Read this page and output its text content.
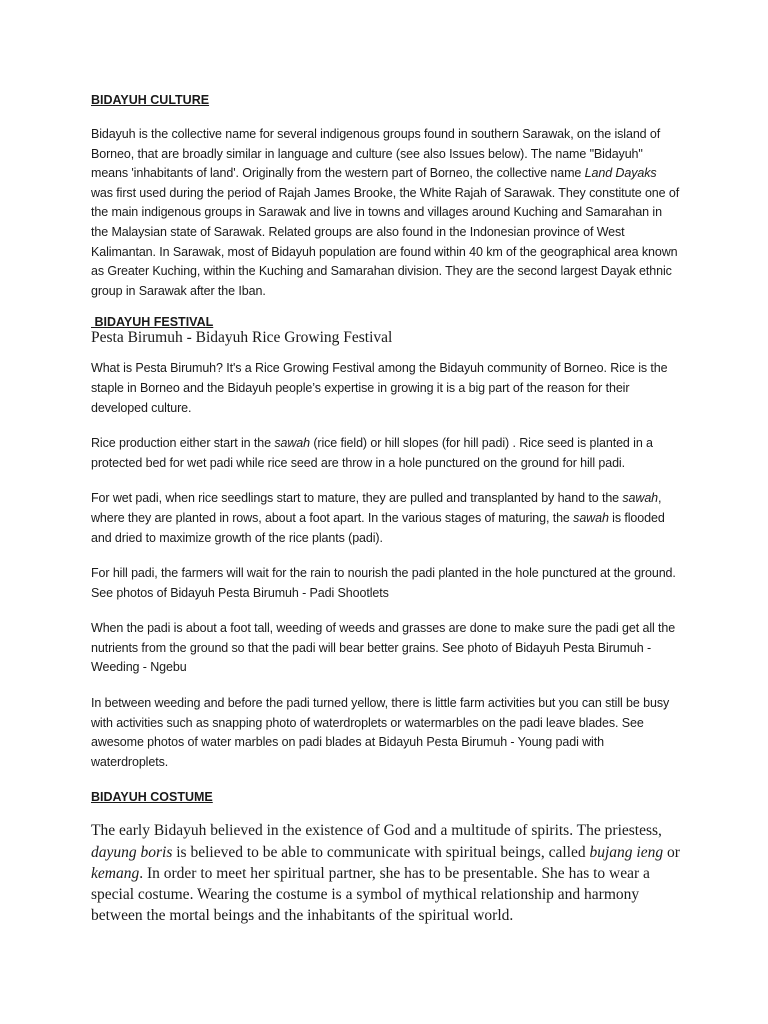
BIDAYUH CULTURE

Bidayuh is the collective name for several indigenous groups found in southern Sarawak, on the island of Borneo, that are broadly similar in language and culture (see also Issues below). The name "Bidayuh" means 'inhabitants of land'. Originally from the western part of Borneo, the collective name Land Dayaks was first used during the period of Rajah James Brooke, the White Rajah of Sarawak. They constitute one of the main indigenous groups in Sarawak and live in towns and villages around Kuching and Samarahan in the Malaysian state of Sarawak. Related groups are also found in the Indonesian province of West Kalimantan. In Sarawak, most of Bidayuh population are found within 40 km of the geographical area known as Greater Kuching, within the Kuching and Samarahan division. They are the second largest Dayak ethnic group in Sarawak after the Iban.

BIDAYUH FESTIVAL

Pesta Birumuh - Bidayuh Rice Growing Festival

What is Pesta Birumuh? It's a Rice Growing Festival among the Bidayuh community of Borneo. Rice is the staple in Borneo and the Bidayuh people’s expertise in growing it is a big part of the reason for their developed culture.

Rice production either start in the sawah (rice field) or hill slopes (for hill padi) . Rice seed is planted in a protected bed for wet padi while rice seed are throw in a hole punctured on the ground for hill padi.

For wet padi, when rice seedlings start to mature, they are pulled and transplanted by hand to the sawah, where they are planted in rows, about a foot apart. In the various stages of maturing, the sawah is flooded and dried to maximize growth of the rice plants (padi).

For hill padi, the farmers will wait for the rain to nourish the padi planted in the hole punctured at the ground. See photos of Bidayuh Pesta Birumuh - Padi Shootlets

When the padi is about a foot tall, weeding of weeds and grasses are done to make sure the padi get all the nutrients from the ground so that the padi will bear better grains. See photo of Bidayuh Pesta Birumuh - Weeding - Ngebu

In between weeding and before the padi turned yellow, there is little farm activities but you can still be busy with activities such as snapping photo of waterdroplets or watermarbles on the padi leave blades. See awesome photos of water marbles on padi blades at Bidayuh Pesta Birumuh - Young padi with waterdroplets.

BIDAYUH COSTUME

The early Bidayuh believed in the existence of God and a multitude of spirits. The priestess, dayung boris is believed to be able to communicate with spiritual beings, called bujang ieng or kemang. In order to meet her spiritual partner, she has to be presentable. She has to wear a special costume. Wearing the costume is a symbol of mythical relationship and harmony between the mortal beings and the inhabitants of the spiritual world.
